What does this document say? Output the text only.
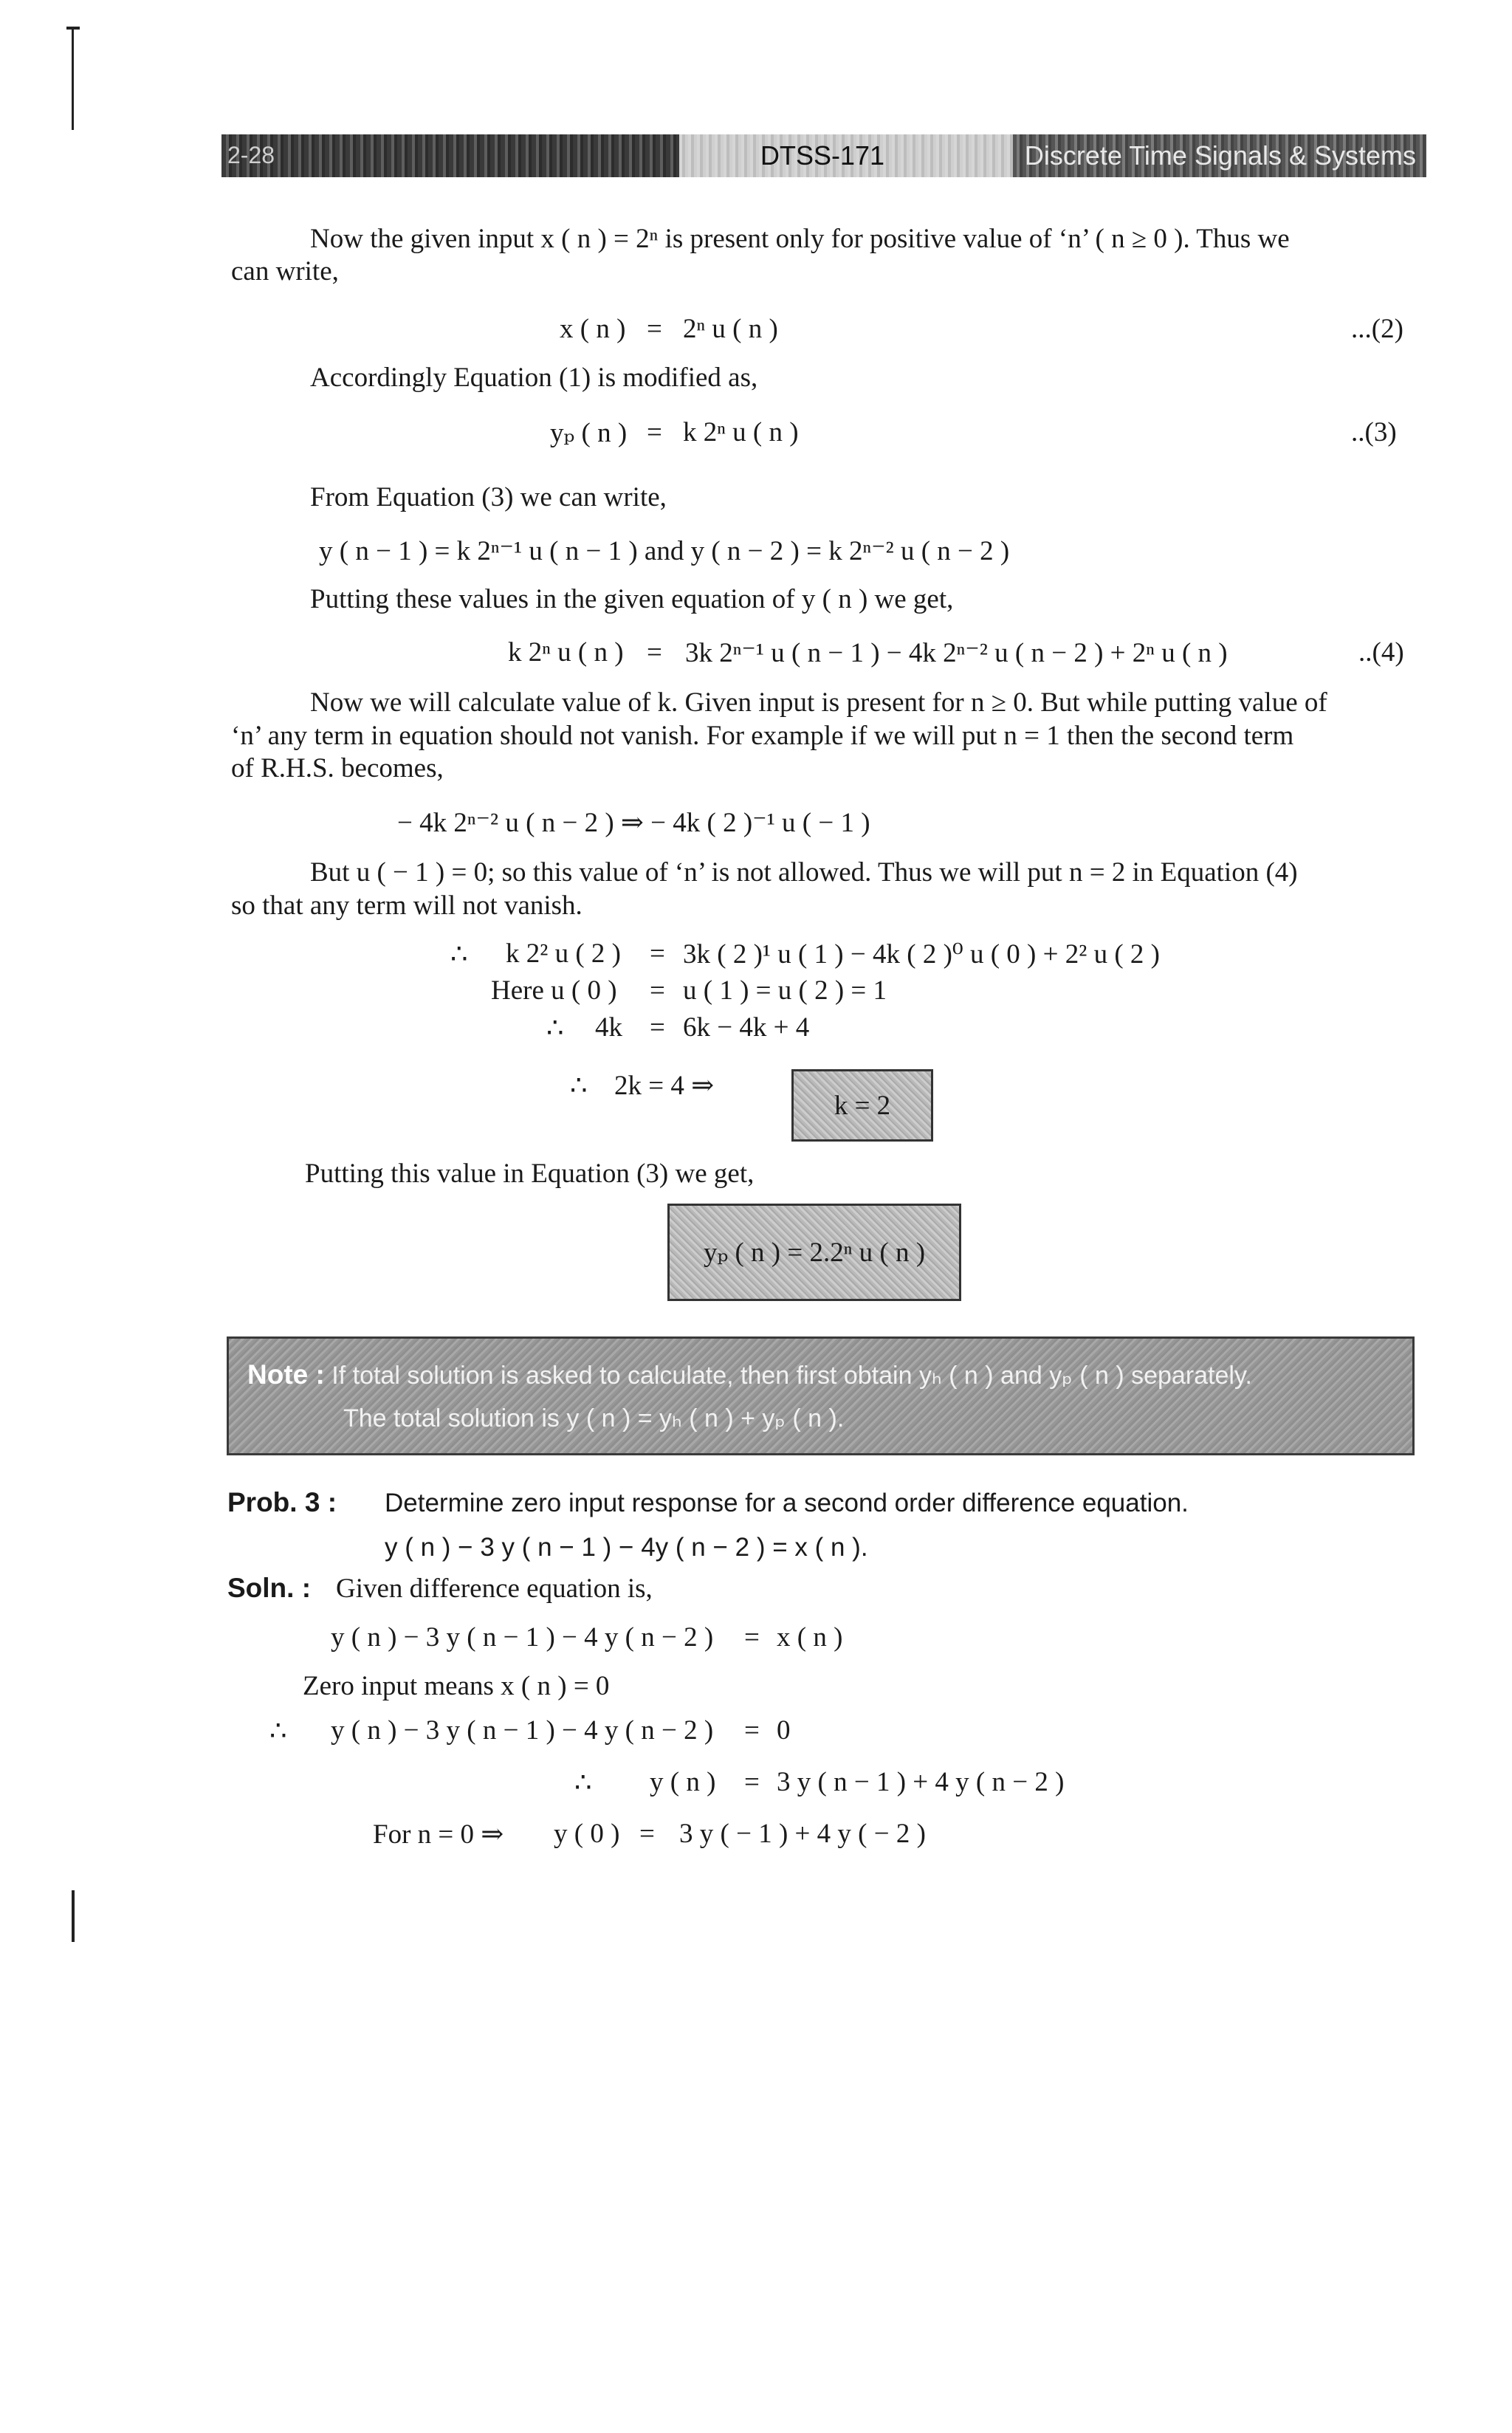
2-28	DTSS-171	Discrete Time Signals & Systems
Now the given input x ( n ) = 2ⁿ is present only for positive value of ‘n’ ( n ≥ 0 ). Thus we
can write,
x ( n ) = 2ⁿ u ( n )	...(2)
Accordingly Equation (1) is modified as,
yₚ ( n ) = k 2ⁿ u ( n )	..(3)
From Equation (3) we can write,
y ( n − 1 ) = k 2ⁿ⁻¹ u ( n − 1 ) and y ( n − 2 ) = k 2ⁿ⁻² u ( n − 2 )
Putting these values in the given equation of y ( n ) we get,
k 2ⁿ u ( n ) = 3k 2ⁿ⁻¹ u ( n − 1 ) − 4k 2ⁿ⁻² u ( n − 2 ) + 2ⁿ u ( n )	..(4)
Now we will calculate value of k. Given input is present for n ≥ 0. But while putting value of
‘n’ any term in equation should not vanish. For example if we will put n = 1 then the second term
of R.H.S. becomes,
− 4k 2ⁿ⁻² u ( n − 2 ) ⇒ − 4k ( 2 )⁻¹ u ( − 1 )
But u ( − 1 ) = 0; so this value of ‘n’ is not allowed. Thus we will put n = 2 in Equation (4)
so that any term will not vanish.
∴ k 2² u ( 2 ) = 3k ( 2 )¹ u ( 1 ) − 4k ( 2 )⁰ u ( 0 ) + 2² u ( 2 )
Here u ( 0 ) = u ( 1 ) = u ( 2 ) = 1
∴ 4k = 6k − 4k + 4
∴ 2k = 4 ⇒
k = 2
Putting this value in Equation (3) we get,
yₚ ( n ) = 2.2ⁿ u ( n )
Note : If total solution is asked to calculate, then first obtain yₕ ( n ) and yₚ ( n ) separately.
The total solution is y ( n ) = yₕ ( n ) + yₚ ( n ).
Prob. 3 : Determine zero input response for a second order difference equation.
y ( n ) − 3 y ( n − 1 ) − 4y ( n − 2 ) = x ( n ).
Soln. : Given difference equation is,
y ( n ) − 3 y ( n − 1 ) − 4 y ( n − 2 ) = x ( n )
Zero input means x ( n ) = 0
∴ y ( n ) − 3 y ( n − 1 ) − 4 y ( n − 2 ) = 0
∴ y ( n ) = 3 y ( n − 1 ) + 4 y ( n − 2 )
For n = 0 ⇒ y ( 0 ) = 3 y ( − 1 ) + 4 y ( − 2 )
